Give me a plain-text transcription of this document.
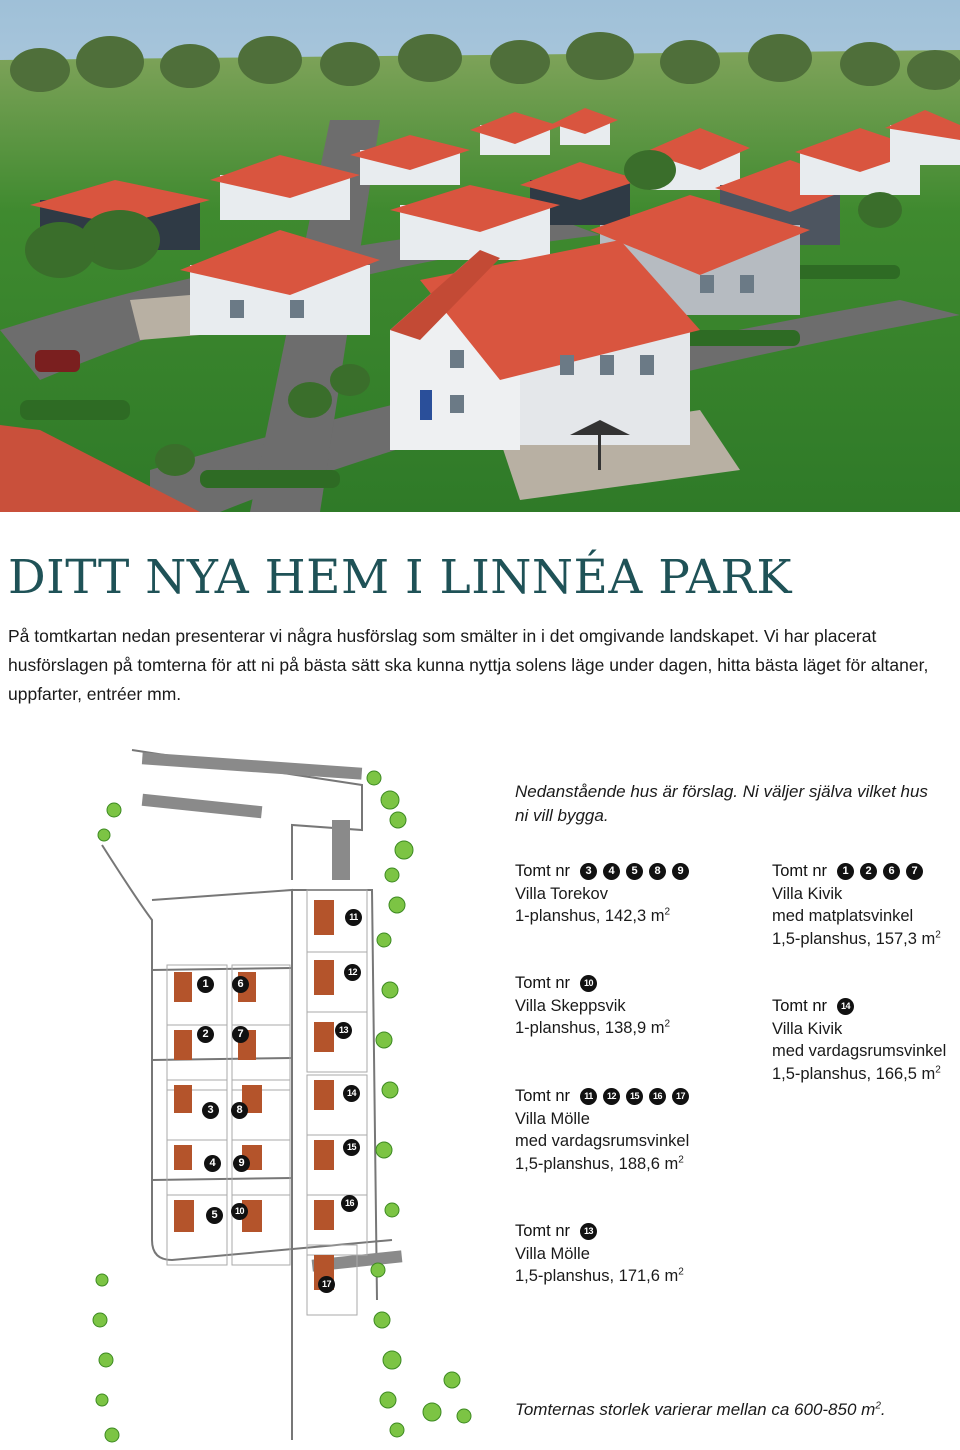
DITT NYA HEM I LINNÉA PARK

På tomtkartan nedan presenterar vi några husförslag som smälter in i det omgivande landskapet. Vi har placerat husförslagen på tomterna för att ni på bästa sätt ska kunna nyttja solens läge under dagen, hitta bästa läget för altaner, uppfarter, entréer mm.

1
2
3
4
5
6
7
8
9
10
11
12
13
14
15
16
17

Nedanstående hus är förslag. Ni väljer själva vilket hus ni vill bygga.

Tomt nr	3	4	5	8	9
Villa Torekov
1-planshus, 142,3 $m^2$
Tomt nr	1	2	6	7
Villa Kivik
med matplatsvinkel
1,5-planshus, 157,3 $m^2$
Tomt nr	10
Villa Skeppsvik
1-planshus, 138,9 $m^2$
Tomt nr	14
Villa Kivik
med vardagsrumsvinkel
1,5-planshus, 166,5 $m^2$
Tomt nr	11	12	15	16	17
Villa Mölle
med vardagsrumsvinkel
1,5-planshus, 188,6 $m^2$
Tomt nr	13
Villa Mölle
1,5-planshus, 171,6 $m^2$

Tomternas storlek varierar mellan ca 600-850 $m^2$.
